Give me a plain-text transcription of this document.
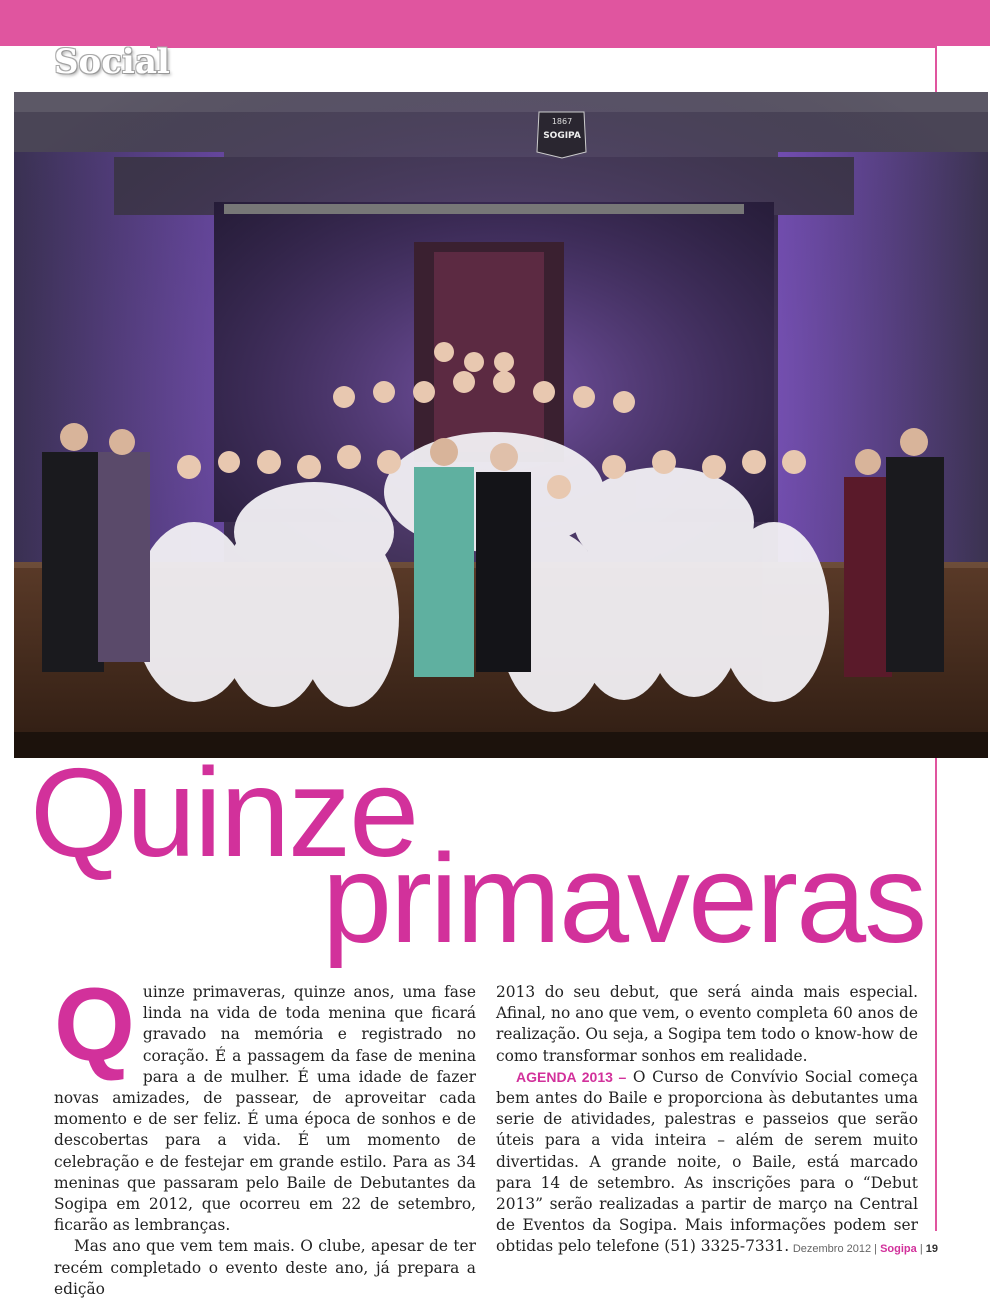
Social
1867
SOGIPA
Quinze
primaveras

Quinze primaveras, quinze anos, uma fase linda na vida de toda menina que ficará gravado na memória e registrado no coração. É a passagem da fase de menina para a de mulher. É uma idade de fazer novas amizades, de passear, de aproveitar cada momento e de ser feliz. É uma época de sonhos e de descobertas para a vida. É um momento de celebração e de festejar em grande estilo. Para as 34 meninas que passaram pelo Baile de Debutantes da Sogipa em 2012, que ocorreu em 22 de setembro, ficarão as lembranças.

Mas ano que vem tem mais. O clube, apesar de ter recém completado o evento deste ano, já prepara a edição

2013 do seu debut, que será ainda mais especial. Afinal, no ano que vem, o evento completa 60 anos de realização. Ou seja, a Sogipa tem todo o know-how de como transformar sonhos em realidade.

AGENDA 2013 – O Curso de Convívio Social começa bem antes do Baile e proporciona às debutantes uma serie de atividades, palestras e passeios que serão úteis para a vida inteira – além de serem muito divertidas. A grande noite, o Baile, está marcado para 14 de setembro. As inscrições para o “Debut 2013” serão realizadas a partir de março na Central de Eventos da Sogipa. Mais informações podem ser obtidas pelo telefone (51) 3325-7331. Dezembro 2012 | Sogipa | 19
